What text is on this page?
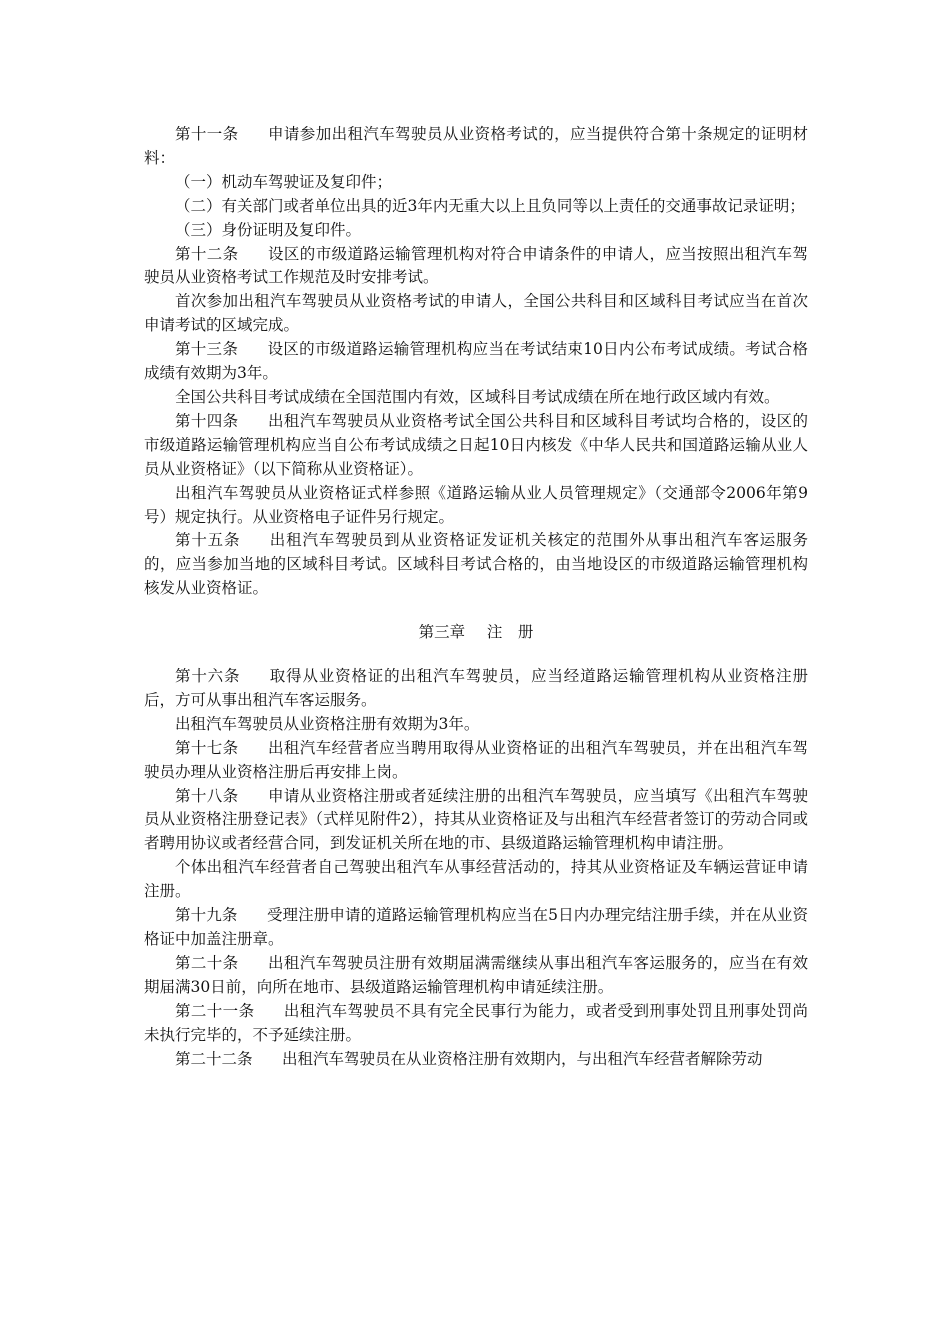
第十一条 申请参加出租汽车驾驶员从业资格考试的，应当提供符合第十条规定的证明材料：

（一）机动车驾驶证及复印件；

（二）有关部门或者单位出具的近3年内无重大以上且负同等以上责任的交通事故记录证明；

（三）身份证明及复印件。

第十二条 设区的市级道路运输管理机构对符合申请条件的申请人，应当按照出租汽车驾驶员从业资格考试工作规范及时安排考试。

首次参加出租汽车驾驶员从业资格考试的申请人，全国公共科目和区域科目考试应当在首次申请考试的区域完成。

第十三条 设区的市级道路运输管理机构应当在考试结束10日内公布考试成绩。考试合格成绩有效期为3年。

全国公共科目考试成绩在全国范围内有效，区域科目考试成绩在所在地行政区域内有效。

第十四条 出租汽车驾驶员从业资格考试全国公共科目和区域科目考试均合格的，设区的市级道路运输管理机构应当自公布考试成绩之日起10日内核发《中华人民共和国道路运输从业人员从业资格证》（以下简称从业资格证）。

出租汽车驾驶员从业资格证式样参照《道路运输从业人员管理规定》（交通部令2006年第9号）规定执行。从业资格电子证件另行规定。

第十五条 出租汽车驾驶员到从业资格证发证机关核定的范围外从事出租汽车客运服务的，应当参加当地的区域科目考试。区域科目考试合格的，由当地设区的市级道路运输管理机构核发从业资格证。

第三章 注　册

第十六条 取得从业资格证的出租汽车驾驶员，应当经道路运输管理机构从业资格注册后，方可从事出租汽车客运服务。

出租汽车驾驶员从业资格注册有效期为3年。

第十七条 出租汽车经营者应当聘用取得从业资格证的出租汽车驾驶员，并在出租汽车驾驶员办理从业资格注册后再安排上岗。

第十八条 申请从业资格注册或者延续注册的出租汽车驾驶员，应当填写《出租汽车驾驶员从业资格注册登记表》（式样见附件2），持其从业资格证及与出租汽车经营者签订的劳动合同或者聘用协议或者经营合同，到发证机关所在地的市、县级道路运输管理机构申请注册。

个体出租汽车经营者自己驾驶出租汽车从事经营活动的，持其从业资格证及车辆运营证申请注册。

第十九条 受理注册申请的道路运输管理机构应当在5日内办理完结注册手续，并在从业资格证中加盖注册章。

第二十条 出租汽车驾驶员注册有效期届满需继续从事出租汽车客运服务的，应当在有效期届满30日前，向所在地市、县级道路运输管理机构申请延续注册。

第二十一条 出租汽车驾驶员不具有完全民事行为能力，或者受到刑事处罚且刑事处罚尚未执行完毕的，不予延续注册。

第二十二条 出租汽车驾驶员在从业资格注册有效期内，与出租汽车经营者解除劳动
